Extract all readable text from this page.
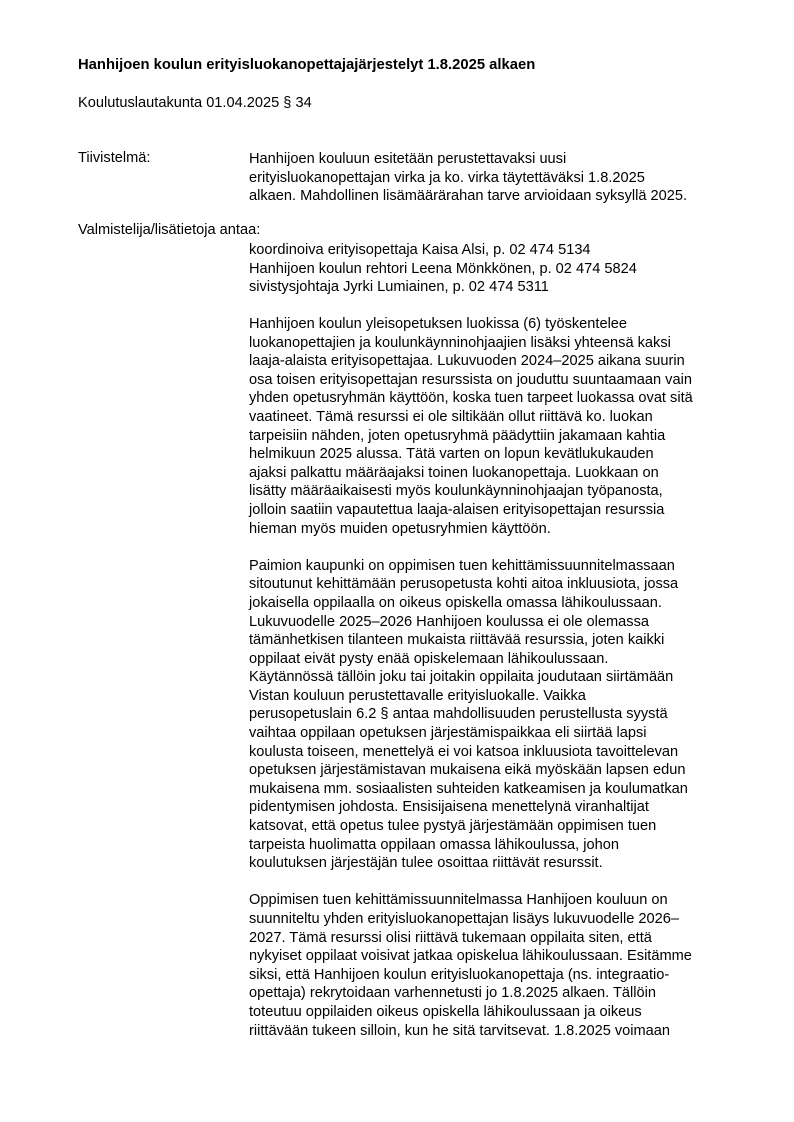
Hanhijoen koulun erityisluokanopettajajärjestelyt 1.8.2025 alkaen
Koulutuslautakunta 01.04.2025 § 34
Tiivistelmä:	Hanhijoen kouluun esitetään perustettavaksi uusi
erityisluokanopettajan virka ja ko. virka täytettäväksi 1.8.2025
alkaen. Mahdollinen lisämäärärahan tarve arvioidaan syksyllä 2025.
Valmistelija/lisätietoja antaa:
koordinoiva erityisopettaja Kaisa Alsi, p. 02 474 5134
Hanhijoen koulun rehtori Leena Mönkkönen, p. 02 474 5824
sivistysjohtaja Jyrki Lumiainen, p. 02 474 5311
Hanhijoen koulun yleisopetuksen luokissa (6) työskentelee
luokanopettajien ja koulunkäynninohjaajien lisäksi yhteensä kaksi
laaja-alaista erityisopettajaa. Lukuvuoden 2024–2025 aikana suurin
osa toisen erityisopettajan resurssista on jouduttu suuntaamaan vain
yhden opetusryhmän käyttöön, koska tuen tarpeet luokassa ovat sitä
vaatineet. Tämä resurssi ei ole siltikään ollut riittävä ko. luokan
tarpeisiin nähden, joten opetusryhmä päädyttiin jakamaan kahtia
helmikuun 2025 alussa. Tätä varten on lopun kevätlukukauden
ajaksi palkattu määräajaksi toinen luokanopettaja. Luokkaan on
lisätty määräaikaisesti myös koulunkäynninohjaajan työpanosta,
jolloin saatiin vapautettua laaja-alaisen erityisopettajan resurssia
hieman myös muiden opetusryhmien käyttöön.
Paimion kaupunki on oppimisen tuen kehittämissuunnitelmassaan
sitoutunut kehittämään perusopetusta kohti aitoa inkluusiota, jossa
jokaisella oppilaalla on oikeus opiskella omassa lähikoulussaan.
Lukuvuodelle 2025–2026 Hanhijoen koulussa ei ole olemassa
tämänhetkisen tilanteen mukaista riittävää resurssia, joten kaikki
oppilaat eivät pysty enää opiskelemaan lähikoulussaan.
Käytännössä tällöin joku tai joitakin oppilaita joudutaan siirtämään
Vistan kouluun perustettavalle erityisluokalle. Vaikka
perusopetuslain 6.2 § antaa mahdollisuuden perustellusta syystä
vaihtaa oppilaan opetuksen järjestämispaikkaa eli siirtää lapsi
koulusta toiseen, menettelyä ei voi katsoa inkluusiota tavoittelevan
opetuksen järjestämistavan mukaisena eikä myöskään lapsen edun
mukaisena mm. sosiaalisten suhteiden katkeamisen ja koulumatkan
pidentymisen johdosta. Ensisijaisena menettelynä viranhaltijat
katsovat, että opetus tulee pystyä järjestämään oppimisen tuen
tarpeista huolimatta oppilaan omassa lähikoulussa, johon
koulutuksen järjestäjän tulee osoittaa riittävät resurssit.
Oppimisen tuen kehittämissuunnitelmassa Hanhijoen kouluun on
suunniteltu yhden erityisluokanopettajan lisäys lukuvuodelle 2026–
2027. Tämä resurssi olisi riittävä tukemaan oppilaita siten, että
nykyiset oppilaat voisivat jatkaa opiskelua lähikoulussaan. Esitämme
siksi, että Hanhijoen koulun erityisluokanopettaja (ns. integraatio-
opettaja) rekrytoidaan varhennetusti jo 1.8.2025 alkaen. Tällöin
toteutuu oppilaiden oikeus opiskella lähikoulussaan ja oikeus
riittävään tukeen silloin, kun he sitä tarvitsevat. 1.8.2025 voimaan
